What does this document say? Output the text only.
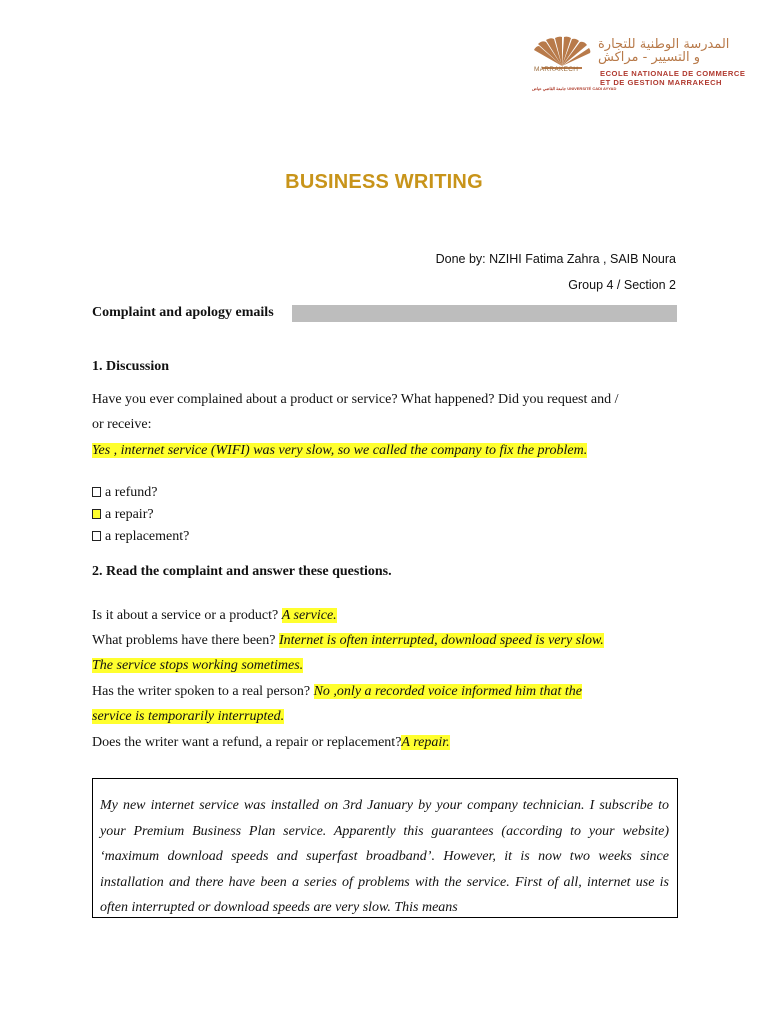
MARRAKECH
جامعة القاضي عياض UNIVERSITÉ CADI AYYAD
المدرسة الوطنية للتجارة
و التسيير - مراكش
ECOLE NATIONALE DE COMMERCE
ET DE GESTION MARRAKECH
BUSINESS WRITING
Done by: NZIHI Fatima Zahra , SAIB Noura
Group 4 / Section 2
Complaint and apology emails
1. Discussion
Have you ever complained about a product or service? What happened? Did you request and /
or receive:
Yes , internet service (WIFI) was very slow, so we called the company to fix the problem.
a refund?
a repair?
a replacement?
2. Read the complaint and answer these questions.
Is it about a service or a product? A service.
What problems have there been? Internet is often interrupted, download speed is very slow.
The service stops working sometimes.
Has the writer spoken to a real person? No ,only a recorded voice informed him that the
service is temporarily interrupted.
Does the writer want a refund, a repair or replacement?A repair.

My new internet service was installed on 3rd January by your company technician. I subscribe to your Premium Business Plan service. Apparently this guarantees (according to your website) ‘maximum download speeds and superfast broadband’. However, it is now two weeks since installation and there have been a series of problems with the service. First of all, internet use is often interrupted or download speeds are very slow. This means
